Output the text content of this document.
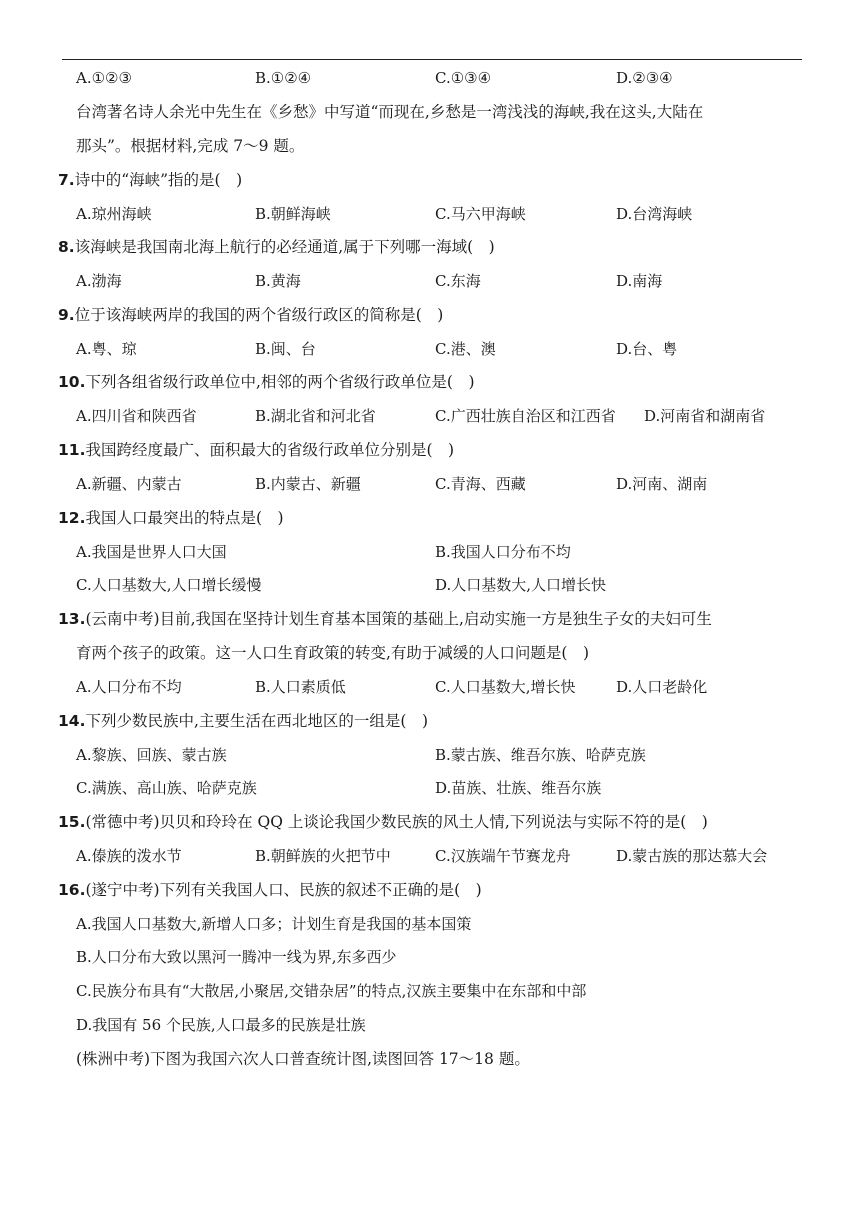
A.①②③	B.①②④	C.①③④	D.②③④
台湾著名诗人余光中先生在《乡愁》中写道“而现在,乡愁是一湾浅浅的海峡,我在这头,大陆在
那头”。根据材料,完成 7～9 题。
7.诗中的“海峡”指的是(　)
A.琼州海峡	B.朝鲜海峡	C.马六甲海峡	D.台湾海峡
8.该海峡是我国南北海上航行的必经通道,属于下列哪一海域(　)
A.渤海	B.黄海	C.东海	D.南海
9.位于该海峡两岸的我国的两个省级行政区的简称是(　)
A.粤、琼	B.闽、台	C.港、澳	D.台、粤
10.下列各组省级行政单位中,相邻的两个省级行政单位是(　)
A.四川省和陕西省	B.湖北省和河北省	C.广西壮族自治区和江西省 D.河南省和湖南省
11.我国跨经度最广、面积最大的省级行政单位分别是(　)
A.新疆、内蒙古	B.内蒙古、新疆	C.青海、西藏	D.河南、湖南
12.我国人口最突出的特点是(　)
A.我国是世界人口大国	B.我国人口分布不均
C.人口基数大,人口增长缓慢	D.人口基数大,人口增长快
13.(云南中考)目前,我国在坚持计划生育基本国策的基础上,启动实施一方是独生子女的夫妇可生
育两个孩子的政策。这一人口生育政策的转变,有助于减缓的人口问题是(　)
A.人口分布不均	B.人口素质低	C.人口基数大,增长快	D.人口老龄化
14.下列少数民族中,主要生活在西北地区的一组是(　)
A.黎族、回族、蒙古族	B.蒙古族、维吾尔族、哈萨克族
C.满族、高山族、哈萨克族	D.苗族、壮族、维吾尔族
15.(常德中考)贝贝和玲玲在 QQ 上谈论我国少数民族的风土人情,下列说法与实际不符的是(　)
A.傣族的泼水节	B.朝鲜族的火把节中	C.汉族端午节赛龙舟	D.蒙古族的那达慕大会
16.(遂宁中考)下列有关我国人口、民族的叙述不正确的是(　)
A.我国人口基数大,新增人口多；计划生育是我国的基本国策
B.人口分布大致以黑河一腾冲一线为界,东多西少
C.民族分布具有“大散居,小聚居,交错杂居”的特点,汉族主要集中在东部和中部
D.我国有 56 个民族,人口最多的民族是壮族
(株洲中考)下图为我国六次人口普查统计图,读图回答 17～18 题。
